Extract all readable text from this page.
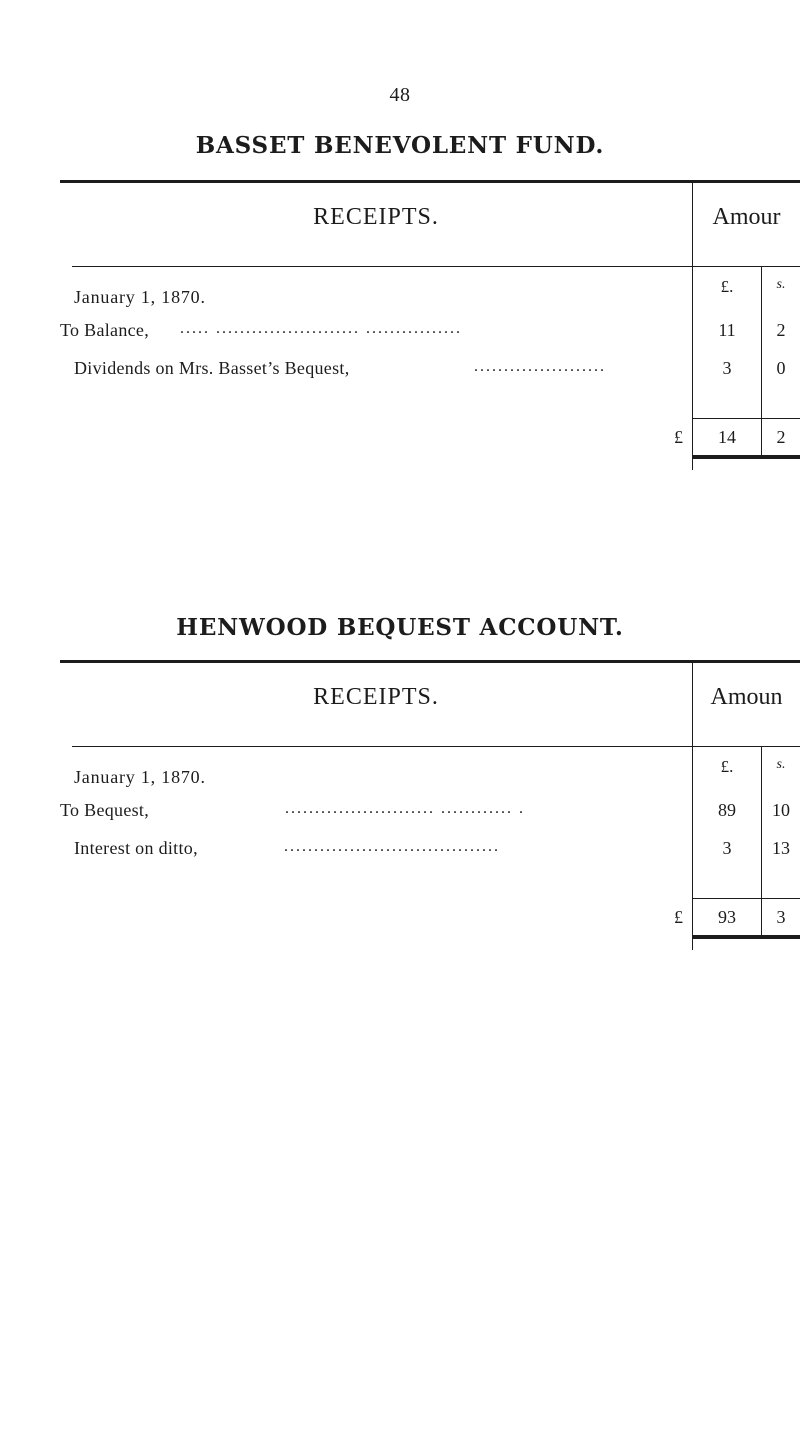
48
BASSET BENEVOLENT FUND.
RECEIPTS.	Amour
£.	s.
January 1, 1870.
To Balance, ..... ........................ ................	11	2
Dividends on Mrs. Basset’s Bequest,	......................	3	0
£	14	2
HENWOOD BEQUEST ACCOUNT.
RECEIPTS.	Amoun
£.	s.
January 1, 1870.
To Bequest,	......................... ............ .	89	10
Interest on ditto,	....................................	3	13
£	93	3
